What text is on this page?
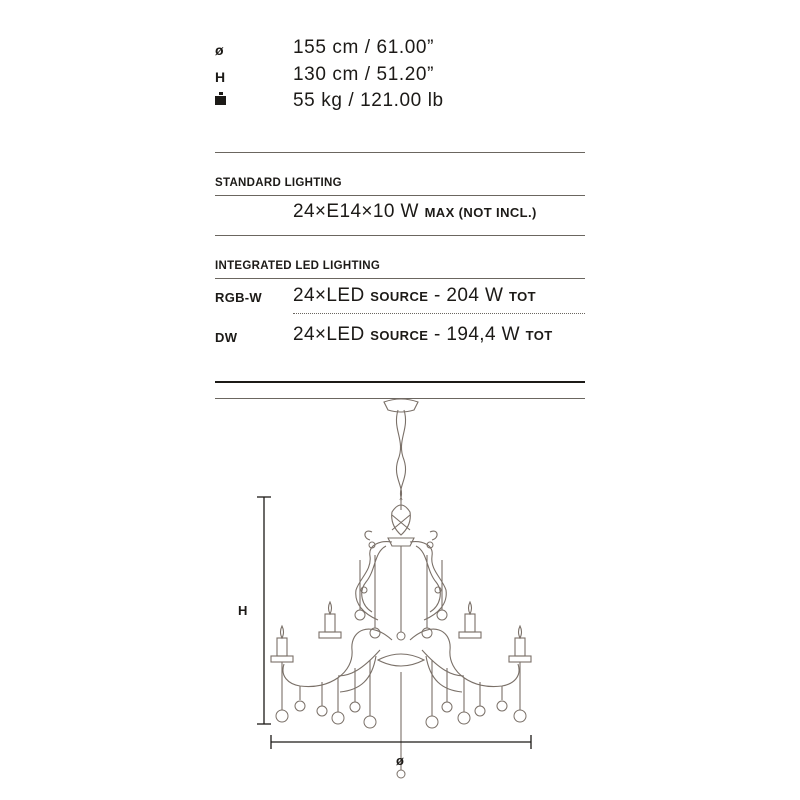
ø	155 cm / 61.00”
H	130 cm / 51.20”
55 kg / 121.00 lb
STANDARD LIGHTING
24×E14×10 W MAX (NOT INCL.)
INTEGRATED LED LIGHTING
RGB-W 24×LED SOURCE - 204 W TOT
DW	24×LED SOURCE - 194,4 W TOT
H
ø
